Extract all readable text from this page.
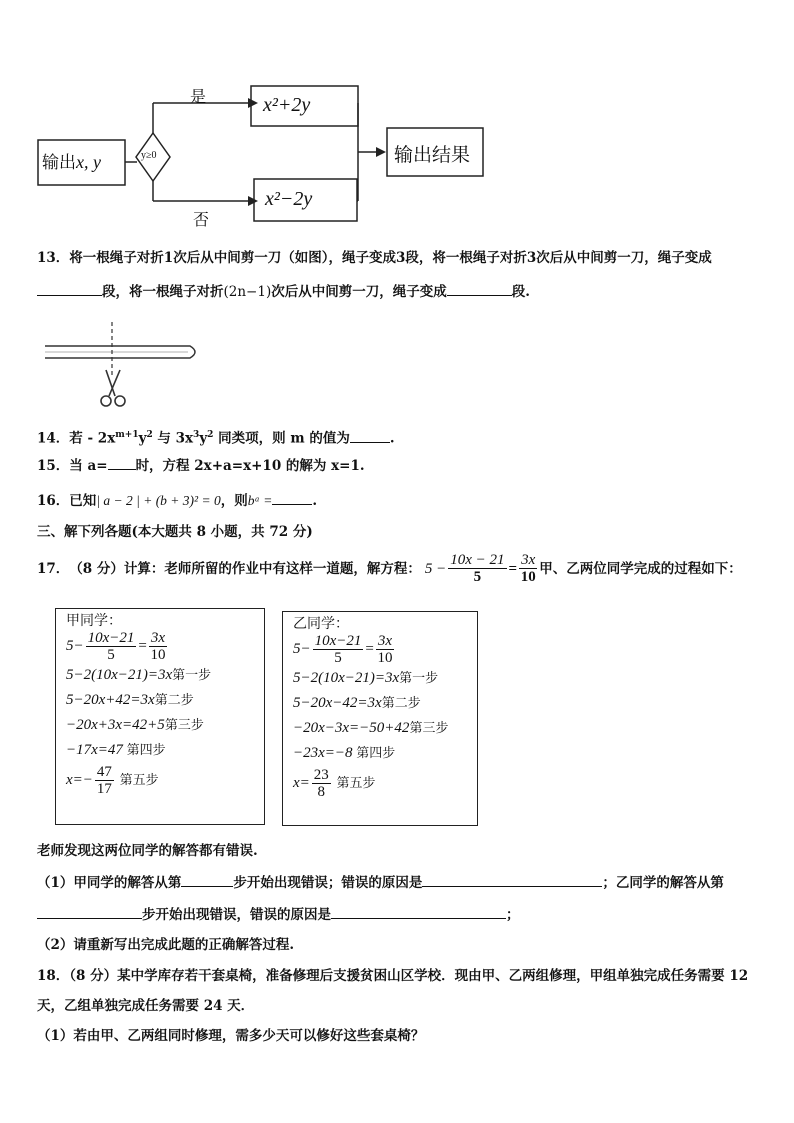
输出x, y	y≥0
是
否
x²+2y
x²−2y
输出结果
13．将一根绳子对折1次后从中间剪一刀（如图），绳子变成3段，将一根绳子对折3次后从中间剪一刀，绳子变成
段，将一根绳子对折(2n−1)次后从中间剪一刀，绳子变成	段.
14．若 - $2x^{m+1}y^2$ 与 $3x^3y^2$ 同类项，则 m 的值为	.
15．当 a= 时，方程 2x+a=x+10 的解为 x=1.
16．已知| a − 2 | + (b + 3)² = 0，则bᵃ =	.
三、解下列各题(本大题共 8 小题，共 72 分)
17． （8 分） 计算：老师所留的作业中有这样一道题，解方程： $5 - \frac{10x - 21}{5} = \frac{3x}{10}$ 甲、乙两位同学完成的过程如下：
甲同学：
$5- \frac{10x-21}{5} = \frac{3x}{10}$
5−2(10x−21)=3x第一步
5−20x+42=3x第二步
−20x+3x=42+5第三步
−17x=47 第四步
$x=- \frac{47}{17}$ 第五步
乙同学：
$5- \frac{10x-21}{5} = \frac{3x}{10}$
5−2(10x−21)=3x第一步
5−20x−42=3x第二步
−20x−3x=−50+42第三步
−23x=−8 第四步
$x= \frac{23}{8}$ 第五步
老师发现这两位同学的解答都有错误.
（1）甲同学的解答从第	步开始出现错误；错误的原因是	；乙同学的解答从第
步开始出现错误，错误的原因是	；
（2）请重新写出完成此题的正确解答过程.
18．（8 分）某中学库存若干套桌椅，准备修理后支援贫困山区学校．现由甲、乙两组修理，甲组单独完成任务需要 12
天，乙组单独完成任务需要 24 天．
（1）若由甲、乙两组同时修理，需多少天可以修好这些套桌椅？
